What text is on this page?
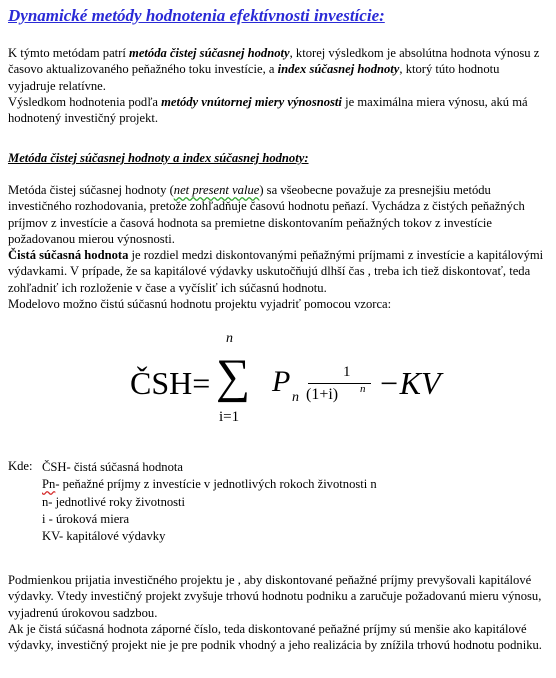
Dynamické metódy hodnotenia efektívnosti investície:

K týmto metódam patrí metóda čistej súčasnej hodnoty, ktorej výsledkom je absolútna hodnota výnosu z časovo aktualizovaného peňažného toku investície, a index súčasnej hodnoty, ktorý túto hodnotu vyjadruje relatívne.

Výsledkom hodnotenia podľa metódy vnútornej miery výnosnosti je maximálna miera výnosu, akú má hodnotený investičný projekt.

Metóda čistej súčasnej hodnoty a index súčasnej hodnoty:

Metóda čistej súčasnej hodnoty (net present value) sa všeobecne považuje za presnejšiu metódu investičného rozhodovania, pretože zohľadňuje časovú hodnotu peňazí. Vychádza z čistých peňažných príjmov z investície a časová hodnota sa premietne diskontovaním peňažných tokov z investície požadovanou mierou výnosnosti.

Čistá súčasná hodnota je rozdiel medzi diskontovanými peňažnými príjmami z investície a kapitálovými výdavkami. V prípade, že sa kapitálové výdavky uskutočňujú dlhší čas , treba ich tiež diskontovať, teda zohľadniť ich rozloženie v čase a vyčísliť ich súčasnú hodnotu.

Modelovo možno čistú súčasnú hodnotu projektu vyjadriť pomocou vzorca:

ČSH= ∑
n
i=1
P n
1
(1+i) n −KV
Kde: ČSH- čistá súčasná hodnota

Pn- peňažné príjmy z investície v jednotlivých rokoch životnosti n

n- jednotlivé roky životnosti

i - úroková miera

KV- kapitálové výdavky

Podmienkou prijatia investičného projektu je , aby diskontované peňažné príjmy prevyšovali kapitálové výdavky. Vtedy investičný projekt zvyšuje trhovú hodnotu podniku a zaručuje požadovanú mieru výnosu, vyjadrenú úrokovou sadzbou.

Ak je čistá súčasná hodnota záporné číslo, teda diskontované peňažné príjmy sú menšie ako kapitálové výdavky, investičný projekt nie je pre podnik vhodný a jeho realizácia by znížila trhovú hodnotu podniku.
